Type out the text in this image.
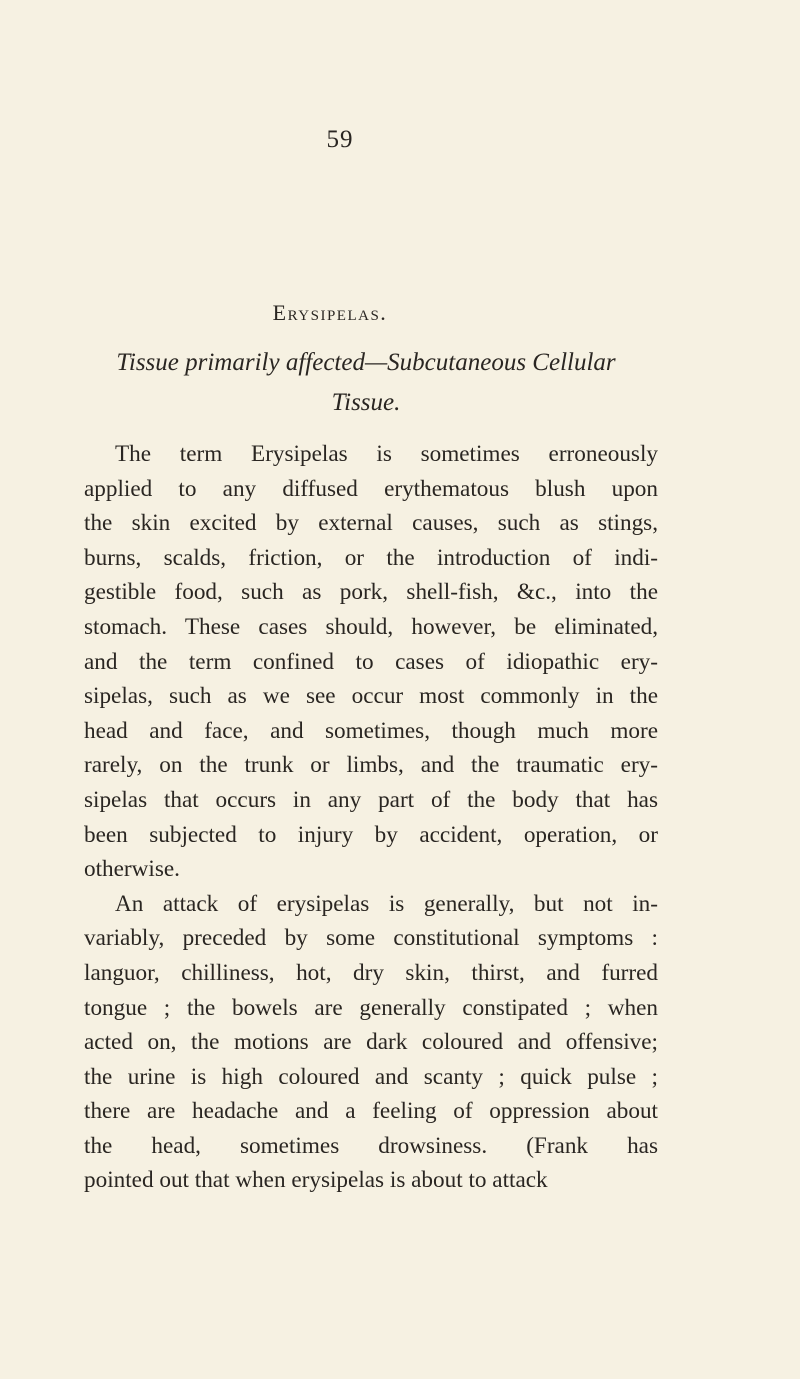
59
Erysipelas.
Tissue primarily affected—Subcutaneous Cellular
Tissue.
The term Erysipelas is sometimes erroneously
applied to any diffused erythematous blush upon
the skin excited by external causes, such as stings,
burns, scalds, friction, or the introduction of indi-
gestible food, such as pork, shell-fish, &c., into the
stomach. These cases should, however, be eliminated,
and the term confined to cases of idiopathic ery-
sipelas, such as we see occur most commonly in the
head and face, and sometimes, though much more
rarely, on the trunk or limbs, and the traumatic ery-
sipelas that occurs in any part of the body that has
been subjected to injury by accident, operation, or
otherwise.
An attack of erysipelas is generally, but not in-
variably, preceded by some constitutional symptoms :
languor, chilliness, hot, dry skin, thirst, and furred
tongue ; the bowels are generally constipated ; when
acted on, the motions are dark coloured and offensive;
the urine is high coloured and scanty ; quick pulse ;
there are headache and a feeling of oppression about
the head, sometimes drowsiness. (Frank has
pointed out that when erysipelas is about to attack
